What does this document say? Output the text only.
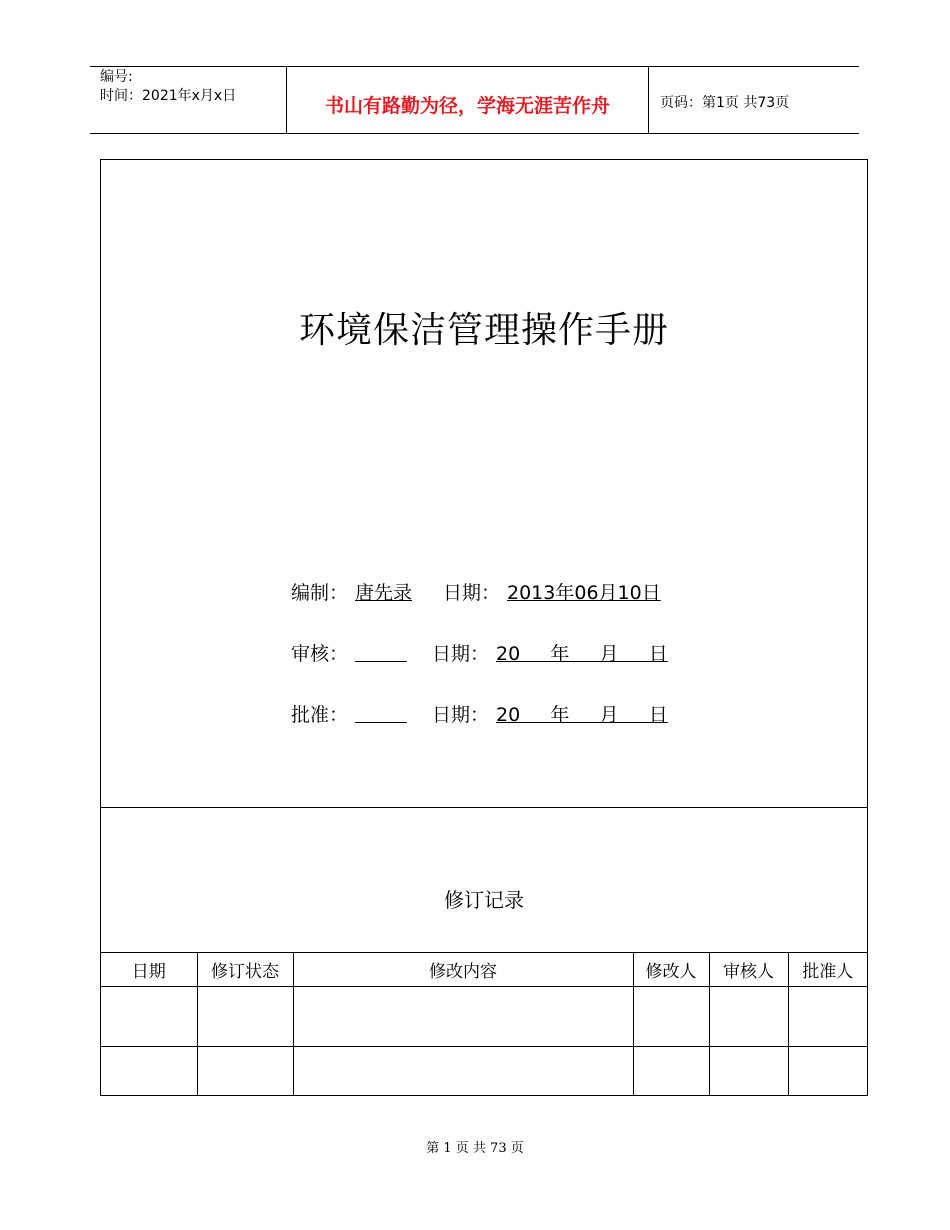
编号:
时间：2021年x月x日	书山有路勤为径，学海无涯苦作舟	页码：第1页 共73页
环境保洁管理操作手册
编制： 唐先录 日期： 2013年06月10日
审核：	日期： 20     年     月     日
批准：	日期： 20     年     月     日
修订记录
日期	修订状态	修改内容	修改人	审核人	批准人

第 1 页 共 73 页
